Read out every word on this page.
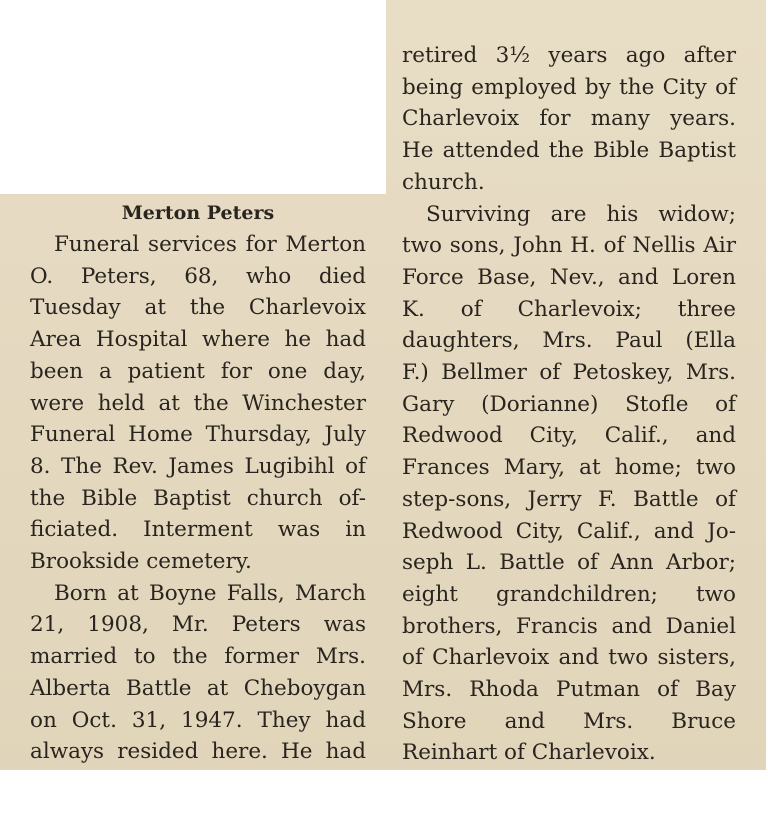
Merton Peters

Funeral services for Merton
O. Peters, 68, who died
Tuesday at the Charlevoix
Area Hospital where he had
been a patient for one day,
were held at the Winchester
Funeral Home Thursday, July
8. The Rev. James Lugibihl of
the Bible Baptist church of-
ficiated. Interment was in
Brookside cemetery.

Born at Boyne Falls, March
21, 1908, Mr. Peters was
married to the former Mrs.
Alberta Battle at Cheboygan
on Oct. 31, 1947. They had
always resided here. He had

retired 3½ years ago after
being employed by the City of
Charlevoix for many years.
He attended the Bible Baptist
church.

Surviving are his widow;
two sons, John H. of Nellis Air
Force Base, Nev., and Loren
K. of Charlevoix; three
daughters, Mrs. Paul (Ella
F.) Bellmer of Petoskey, Mrs.
Gary (Dorianne) Stofle of
Redwood City, Calif., and
Frances Mary, at home; two
step-sons, Jerry F. Battle of
Redwood City, Calif., and Jo-
seph L. Battle of Ann Arbor;
eight grandchildren; two
brothers, Francis and Daniel
of Charlevoix and two sisters,
Mrs. Rhoda Putman of Bay
Shore and Mrs. Bruce
Reinhart of Charlevoix.
